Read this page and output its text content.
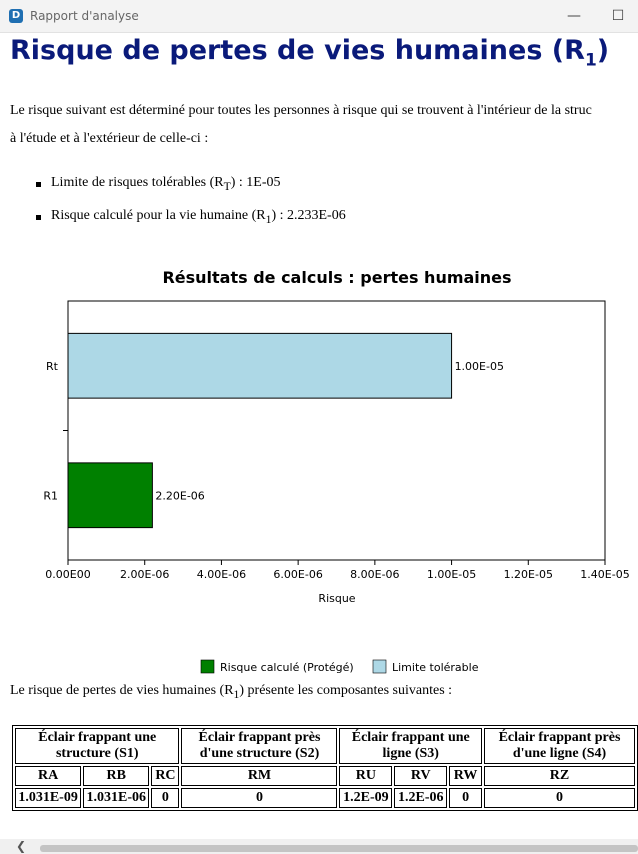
D Rapport d'analyse	—	☐
Risque de pertes de vies humaines $(R_1)$

Le risque suivant est déterminé pour toutes les personnes à risque qui se trouvent à l'intérieur de la struc

à l'étude et à l'extérieur de celle-ci :

Limite de risques tolérables $(R_T)$ : 1E-05
Risque calculé pour la vie humaine $(R_1)$ : 2.233E-06
Résultats de calculs : pertes humaines
Rt	1.00E-05
R1	2.20E-06
0.00E00	2.00E-06 4.00E-06 6.00E-06 8.00E-06 1.00E-05 1.20E-05 1.40E-05
Risque
Risque calculé (Protégé)	Limite tolérable

Le risque de pertes de vies humaines $(R_1)$ présente les composantes suivantes :

Éclair frappant une structure (S1)			Éclair frappant près d'une structure (S2)	Éclair frappant une ligne (S3)			Éclair frappant près d'une ligne (S4)
RA	RB	RC	RM	RU	RV	RW	RZ
1.031E-09	1.031E-06	0	0	1.2E-09	1.2E-06	0	0
❮
